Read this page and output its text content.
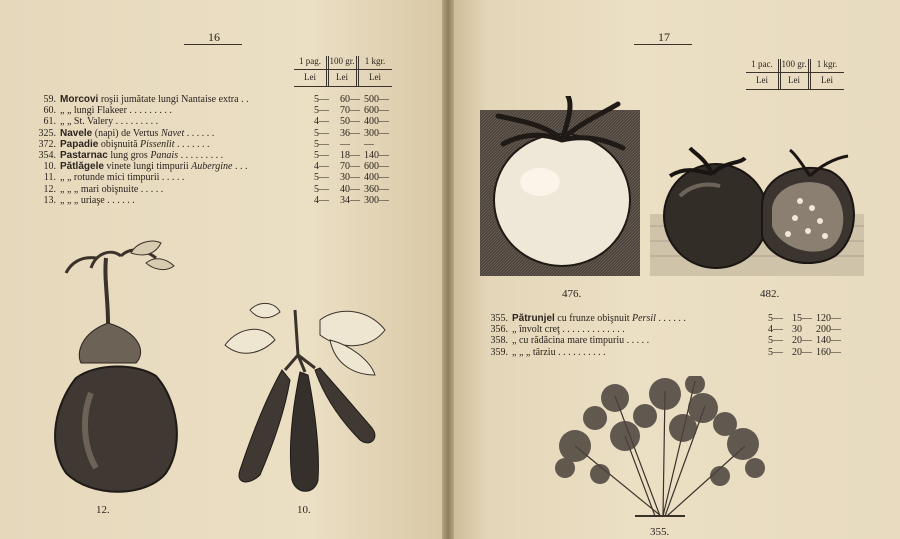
16
1 pag. 100 gr.	1 kgr.
Lei	Lei	Lei
59. Morcovi roşii jumătate lungi Nantaise extra . .	5— 60— 500—
60. „ „ lungi Flakeer . . . . . . . . .	5— 70— 600—
61. „ „ St. Valery . . . . . . . . .	4— 50— 400—
325. Navele (napi) de Vertus Navet . . . . . .	5— 36— 300—
372. Papadie obişnuită Pissenlit . . . . . . .	5— — —
354. Pastarnac lung gros Panais . . . . . . . . .	5— 18— 140—
10. Pătlăgele vinete lungi timpurii Aubergine . . .	4— 70— 600—
11. „ „ rotunde mici timpurii . . . . .	5— 30— 400—
12. „ „ „ mari obişnuite . . . . .	5— 40— 360—
13. „ „ „ uriaşe . . . . . .	4— 34— 300—
12.	10.
17
1 pac. 100 gr.	1 kgr.
Lei	Lei	Lei
476.	482.
355. Pătrunjel cu frunze obişnuit Persil . . . . . .	5— 15— 120—
356. „ învolt creţ . . . . . . . . . . . . .	4— 30 200—
358. „ cu rădăcina mare timpuriu . . . . .	5— 20— 140—
359. „ „ „ târziu . . . . . . . . . .	5— 20— 160—
355.
